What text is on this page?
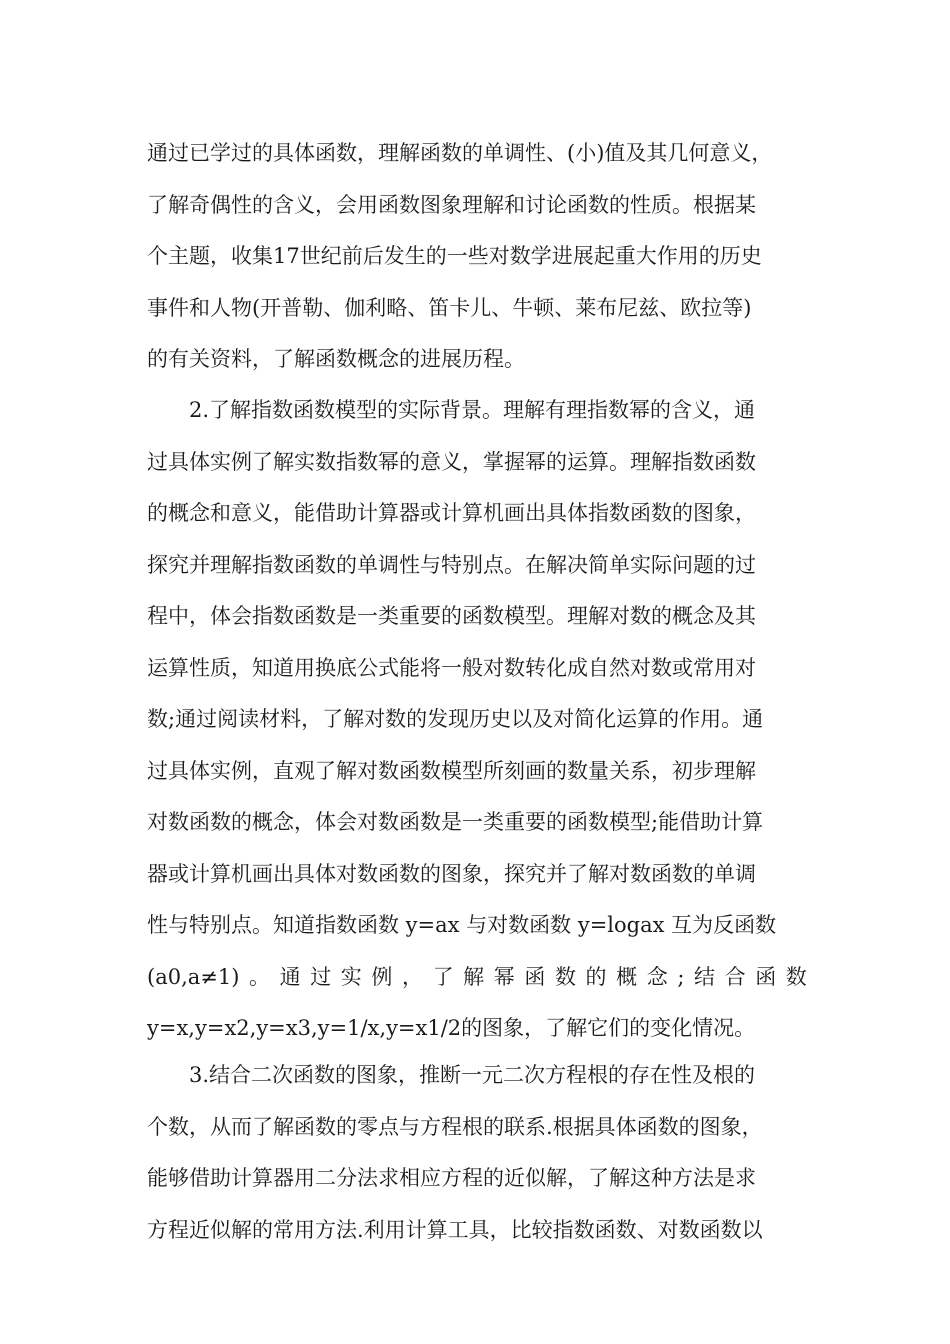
通过已学过的具体函数，理解函数的单调性、(小)值及其几何意义，
了解奇偶性的含义，会用函数图象理解和讨论函数的性质。根据某
个主题，收集17世纪前后发生的一些对数学进展起重大作用的历史
事件和人物(开普勒、伽利略、笛卡儿、牛顿、莱布尼兹、欧拉等)
的有关资料，了解函数概念的进展历程。
2.了解指数函数模型的实际背景。理解有理指数幂的含义，通
过具体实例了解实数指数幂的意义，掌握幂的运算。理解指数函数
的概念和意义，能借助计算器或计算机画出具体指数函数的图象，
探究并理解指数函数的单调性与特别点。在解决简单实际问题的过
程中，体会指数函数是一类重要的函数模型。理解对数的概念及其
运算性质，知道用换底公式能将一般对数转化成自然对数或常用对
数;通过阅读材料，了解对数的发现历史以及对简化运算的作用。通
过具体实例，直观了解对数函数模型所刻画的数量关系，初步理解
对数函数的概念，体会对数函数是一类重要的函数模型;能借助计算
器或计算机画出具体对数函数的图象，探究并了解对数函数的单调
性与特别点。知道指数函数 y=ax 与对数函数 y=logax 互为反函数
(a0,a≠1) 。 通 过 实 例 ， 了 解 幂 函 数 的 概 念 ; 结 合 函 数
y=x,y=x2,y=x3,y=1/x,y=x1/2的图象，了解它们的变化情况。
3.结合二次函数的图象，推断一元二次方程根的存在性及根的
个数，从而了解函数的零点与方程根的联系.根据具体函数的图象，
能够借助计算器用二分法求相应方程的近似解，了解这种方法是求
方程近似解的常用方法.利用计算工具，比较指数函数、对数函数以
